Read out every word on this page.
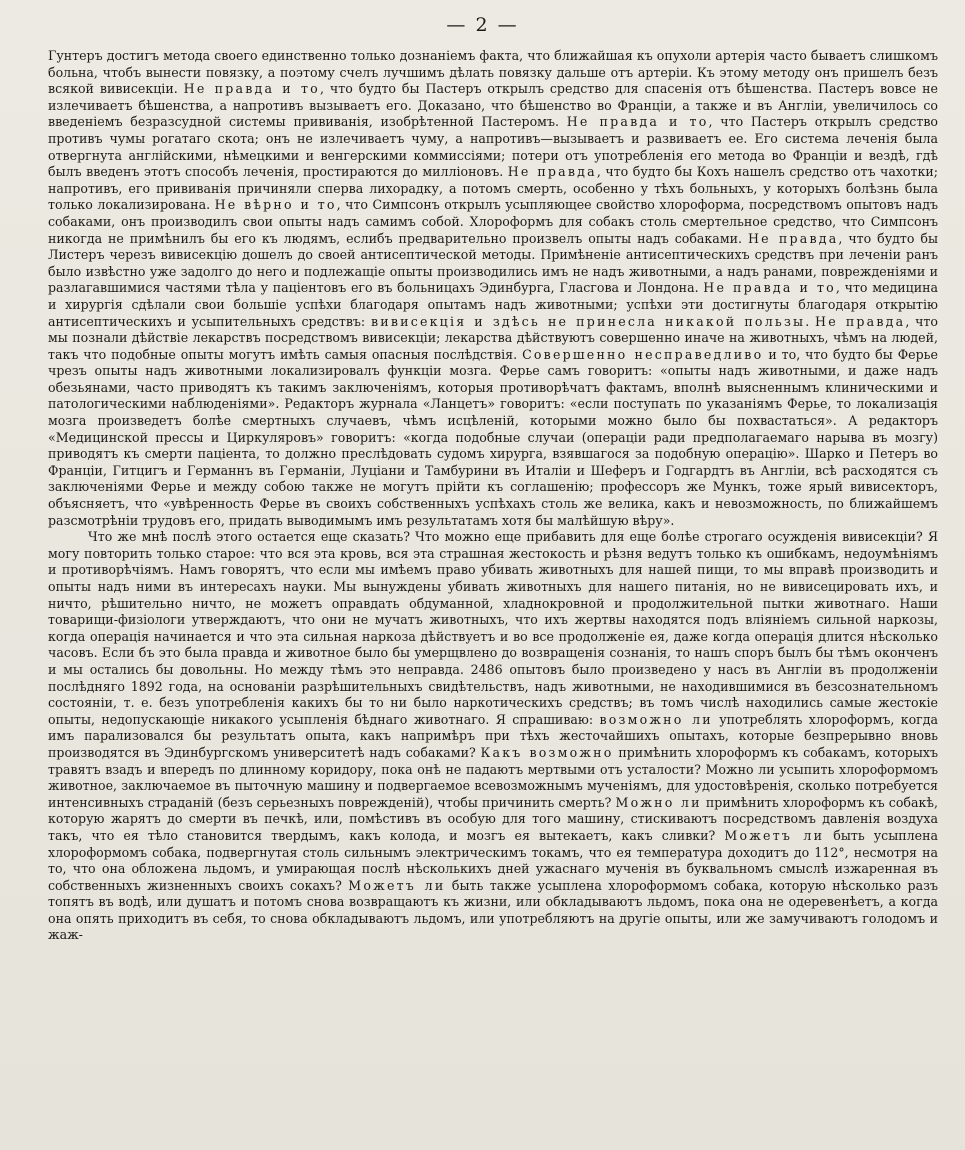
— 2 —

Гунтеръ достигъ метода своего единственно только дознаніемъ факта, что ближайшая къ опухоли артерія часто бываетъ слишкомъ больна, чтобъ вынести повязку, а поэтому счелъ лучшимъ дѣлать повязку дальше отъ артеріи. Къ этому методу онъ пришелъ безъ всякой вивисекціи. Не правда и то, что будто бы Пастеръ открылъ средство для спасенія отъ бѣшенства. Пастеръ вовсе не излечиваетъ бѣшенства, а напротивъ вызываетъ его. Доказано, что бѣшенство во Франціи, а также и въ Англіи, увеличилось со введеніемъ безразсудной системы прививанія, изобрѣтенной Пастеромъ. Не правда и то, что Пастеръ открылъ средство противъ чумы рогатаго скота; онъ не излечиваетъ чуму, а напротивъ—вызываетъ и развиваетъ ее. Его система леченія была отвергнута англійскими, нѣмецкими и венгерскими коммиссіями; потери отъ употребленія его метода во Франціи и вездѣ, гдѣ былъ введенъ этотъ способъ леченія, простираются до милліоновъ. Не правда, что будто бы Кохъ нашелъ средство отъ чахотки; напротивъ, его прививанія причиняли сперва лихорадку, а потомъ смерть, особенно у тѣхъ больныхъ, у которыхъ болѣзнь была только локализирована. Не вѣрно и то, что Симпсонъ открылъ усыпляющее свойство хлороформа, посредствомъ опытовъ надъ собаками, онъ производилъ свои опыты надъ самимъ собой. Хлороформъ для собакъ столь смертельное средство, что Симпсонъ никогда не примѣнилъ бы его къ людямъ, еслибъ предварительно произвелъ опыты надъ собаками. Не правда, что будто бы Листеръ черезъ вивисекцію дошелъ до своей антисептической методы. Примѣненіе антисептическихъ средствъ при леченіи ранъ было извѣстно уже задолго до него и подлежащіе опыты производились имъ не надъ животными, а надъ ранами, поврежденіями и разлагавшимися частями тѣла у паціентовъ его въ больницахъ Эдинбурга, Гласгова и Лондона. Не правда и то, что медицина и хирургія сдѣлали свои большіе успѣхи благодаря опытамъ надъ животными; успѣхи эти достигнуты благодаря открытію антисептическихъ и усыпительныхъ средствъ: вивисекція и здѣсь не принесла никакой пользы. Не правда, что мы познали дѣйствіе лекарствъ посредствомъ вивисекціи; лекарства дѣйствуютъ совершенно иначе на животныхъ, чѣмъ на людей, такъ что подобные опыты могутъ имѣть самыя опасныя послѣдствія. Совершенно несправедливо и то, что будто бы Ферье чрезъ опыты надъ животными локализировалъ функціи мозга. Ферье самъ говоритъ: «опыты надъ животными, и даже надъ обезьянами, часто приводятъ къ такимъ заключеніямъ, которыя противорѣчатъ фактамъ, вполнѣ выясненнымъ клиническими и патологическими наблюденіями». Редакторъ журнала «Ланцетъ» говоритъ: «если поступать по указаніямъ Ферье, то локализація мозга произведетъ болѣе смертныхъ случаевъ, чѣмъ исцѣленій, которыми можно было бы похвастаться». А редакторъ «Медицинской прессы и Циркуляровъ» говоритъ: «когда подобные случаи (операціи ради предполагаемаго нарыва въ мозгу) приводятъ къ смерти паціента, то должно преслѣдовать судомъ хирурга, взявшагося за подобную операцію». Шарко и Петеръ во Франціи, Гитцигъ и Германнъ въ Германіи, Луціани и Тамбурини въ Италіи и Шеферъ и Годгардтъ въ Англіи, всѣ расходятся съ заключеніями Ферье и между собою также не могутъ прійти къ соглашенію; профессоръ же Мункъ, тоже ярый вивисекторъ, объясняетъ, что «увѣренность Ферье въ своихъ собственныхъ успѣхахъ столь же велика, какъ и невозможность, по ближайшемъ разсмотрѣніи трудовъ его, придать выводимымъ имъ результатамъ хотя бы малѣйшую вѣру».

Что же мнѣ послѣ этого остается еще сказать? Что можно еще прибавить для еще болѣе строгаго осужденія вивисекціи? Я могу повторить только старое: что вся эта кровь, вся эта страшная жестокость и рѣзня ведутъ только къ ошибкамъ, недоумѣніямъ и противорѣчіямъ. Намъ говорятъ, что если мы имѣемъ право убивать животныхъ для нашей пищи, то мы вправѣ производить и опыты надъ ними въ интересахъ науки. Мы вынуждены убивать животныхъ для нашего питанія, но не вивисецировать ихъ, и ничто, рѣшительно ничто, не можетъ оправдать обдуманной, хладнокровной и продолжительной пытки животнаго. Наши товарищи-физіологи утверждаютъ, что они не мучатъ животныхъ, что ихъ жертвы находятся подъ вліяніемъ сильной наркозы, когда операція начинается и что эта сильная наркоза дѣйствуетъ и во все продолженіе ея, даже когда операція длится нѣсколько часовъ. Если бъ это была правда и животное было бы умерщвлено до возвращенія сознанія, то нашъ споръ былъ бы тѣмъ оконченъ и мы остались бы довольны. Но между тѣмъ это неправда. 2486 опытовъ было произведено у насъ въ Англіи въ продолженіи послѣдняго 1892 года, на основаніи разрѣшительныхъ свидѣтельствъ, надъ животными, не находившимися въ безсознательномъ состояніи, т. е. безъ употребленія какихъ бы то ни было наркотическихъ средствъ; въ томъ числѣ находились самые жестокіе опыты, недопускающіе никакого усыпленія бѣднаго животнаго. Я спрашиваю: возможно ли употреблять хлороформъ, когда имъ парализовался бы результатъ опыта, какъ напримѣръ при тѣхъ жесточайшихъ опытахъ, которые безпрерывно вновь производятся въ Эдинбургскомъ университетѣ надъ собаками? Какъ возможно примѣнить хлороформъ къ собакамъ, которыхъ травятъ взадъ и впередъ по длинному коридору, пока онѣ не падаютъ мертвыми отъ усталости? Можно ли усыпить хлороформомъ животное, заключаемое въ пыточную машину и подвергаемое всевозможнымъ мученіямъ, для удостовѣренія, сколько потребуется интенсивныхъ страданій (безъ серьезныхъ поврежденій), чтобы причинить смерть? Можно ли примѣнить хлороформъ къ собакѣ, которую жарятъ до смерти въ печкѣ, или, помѣстивъ въ особую для того машину, стискиваютъ посредствомъ давленія воздуха такъ, что ея тѣло становится твердымъ, какъ колода, и мозгъ ея вытекаетъ, какъ сливки? Можетъ ли быть усыплена хлороформомъ собака, подвергнутая столь сильнымъ электрическимъ токамъ, что ея температура доходитъ до 112°, несмотря на то, что она обложена льдомъ, и умирающая послѣ нѣсколькихъ дней ужаснаго мученія въ буквальномъ смыслѣ изжаренная въ собственныхъ жизненныхъ своихъ сокахъ? Можетъ ли быть также усыплена хлороформомъ собака, которую нѣсколько разъ топятъ въ водѣ, или душатъ и потомъ снова возвращаютъ къ жизни, или обкладываютъ льдомъ, пока она не одеревенѣетъ, а когда она опять приходитъ въ себя, то снова обкладываютъ льдомъ, или употребляютъ на другіе опыты, или же замучиваютъ голодомъ и жаж-
